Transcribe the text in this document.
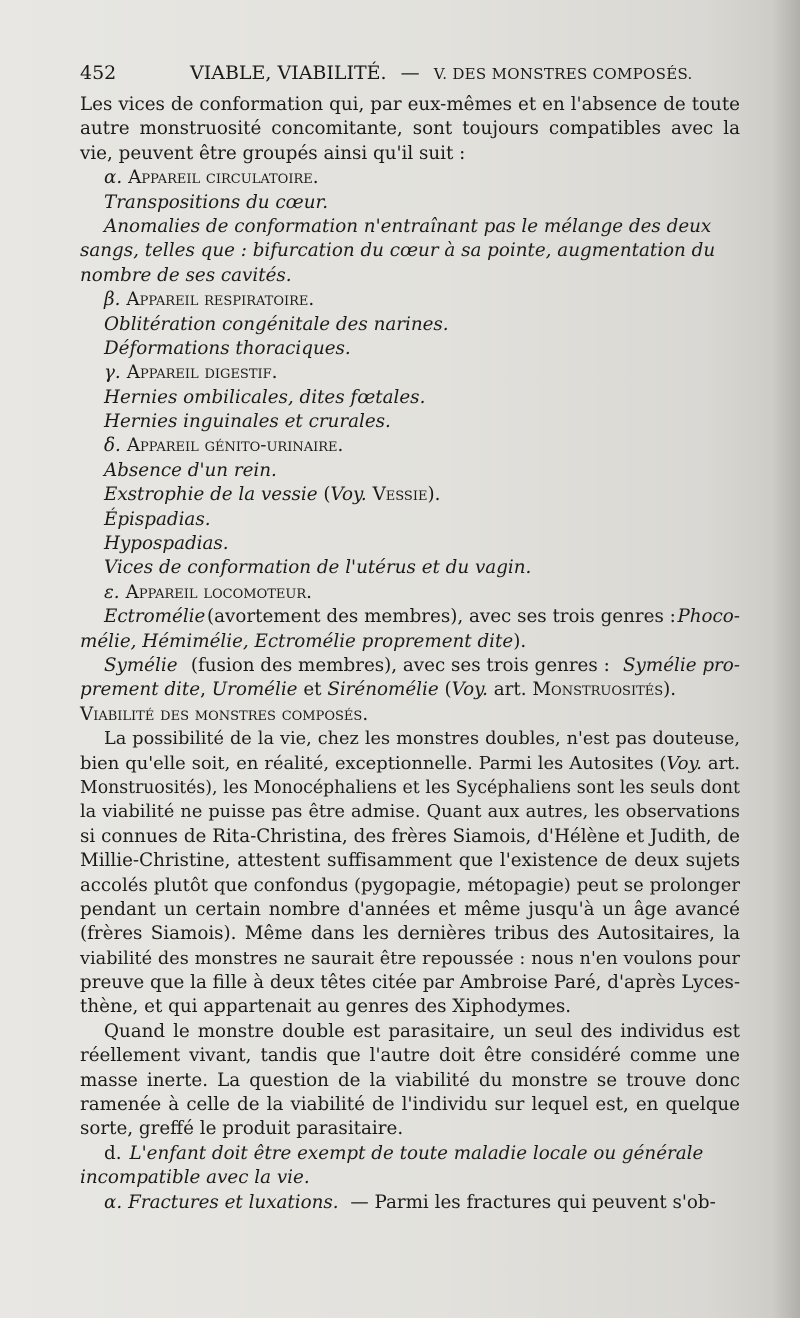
452	VIABLE, VIABILITÉ. — V. DES MONSTRES COMPOSÉS.
Les vices de conformation qui, par eux-mêmes et en l'absence de toute
autre monstruosité concomitante, sont toujours compatibles avec la
vie, peuvent être groupés ainsi qu'il suit :
α. Appareil circulatoire.
Transpositions du cœur.
Anomalies de conformation n'entraînant pas le mélange des deux
sangs, telles que : bifurcation du cœur à sa pointe, augmentation du
nombre de ses cavités.
β. Appareil respiratoire.
Oblitération congénitale des narines.
Déformations thoraciques.
γ. Appareil digestif.
Hernies ombilicales, dites fœtales.
Hernies inguinales et crurales.
δ. Appareil génito-urinaire.
Absence d'un rein.
Exstrophie de la vessie (Voy. Vessie).
Épispadias.
Hypospadias.
Vices de conformation de l'utérus et du vagin.
ε. Appareil locomoteur.
Ectromélie (avortement des membres), avec ses trois genres : Phoco-
mélie, Hémimélie, Ectromélie proprement dite).
Symélie (fusion des membres), avec ses trois genres : Symélie pro-
prement dite, Uromélie et Sirénomélie (Voy. art. Monstruosités).
Viabilité des monstres composés.
La possibilité de la vie, chez les monstres doubles, n'est pas douteuse,
bien qu'elle soit, en réalité, exceptionnelle. Parmi les Autosites (Voy. art.
Monstruosités), les Monocéphaliens et les Sycéphaliens sont les seuls dont
la viabilité ne puisse pas être admise. Quant aux autres, les observations
si connues de Rita-Christina, des frères Siamois, d'Hélène et Judith, de
Millie-Christine, attestent suffisamment que l'existence de deux sujets
accolés plutôt que confondus (pygopagie, métopagie) peut se prolonger
pendant un certain nombre d'années et même jusqu'à un âge avancé
(frères Siamois). Même dans les dernières tribus des Autositaires, la
viabilité des monstres ne saurait être repoussée : nous n'en voulons pour
preuve que la fille à deux têtes citée par Ambroise Paré, d'après Lyces-
thène, et qui appartenait au genres des Xiphodymes.
Quand le monstre double est parasitaire, un seul des individus est
réellement vivant, tandis que l'autre doit être considéré comme une
masse inerte. La question de la viabilité du monstre se trouve donc
ramenée à celle de la viabilité de l'individu sur lequel est, en quelque
sorte, greffé le produit parasitaire.
d. L'enfant doit être exempt de toute maladie locale ou générale
incompatible avec la vie.
α. Fractures et luxations. — Parmi les fractures qui peuvent s'ob-
